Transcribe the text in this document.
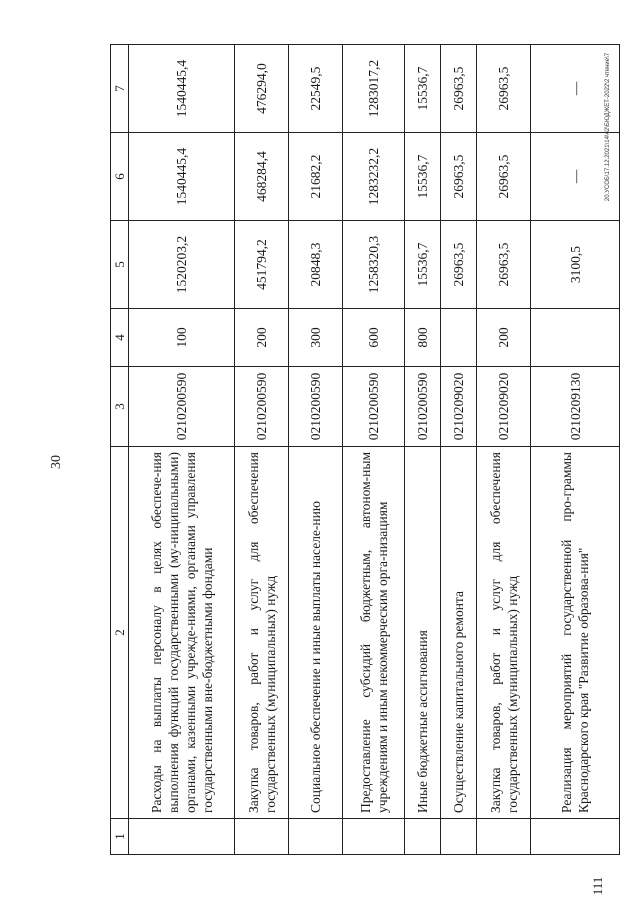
30
1	2	3	4	5	6	7
	Расходы на выплаты персоналу в целях обеспече-ния выполнения функций государственными (му-ниципальными) органами, казенными учрежде-ниями, органами управления государственными вне-бюджетными фондами	0210200590	100	1520203,2	1540445,4	1540445,4
	Закупка товаров, работ и услуг для обеспечения государственных (муниципальных) нужд	0210200590	200	451794,2	468284,4	476294,0
	Социальное обеспечение и иные выплаты населе-нию	0210200590	300	20848,3	21682,2	22549,5
	Предоставление субсидий бюджетным, автоном-ным учреждениям и иным некоммерческим орга-низациям	0210200590	600	1258320,3	1283232,2	1283017,2
	Иные бюджетные ассигнования	0210200590	800	15536,7	15536,7	15536,7
	Осуществление капитального ремонта	0210209020		26963,5	26963,5	26963,5
	Закупка товаров, работ и услуг для обеспечения государственных (муниципальных) нужд	0210209020	200	26963,5	26963,5	26963,5
	Реализация мероприятий государственной про-граммы Краснодарского края "Развитие образова-ния"	0210209130		3100,5	—	—	20.УСОБ\17.12.2021\14\42\БЮДЖЕТ-2022\2 чтение\7
111
